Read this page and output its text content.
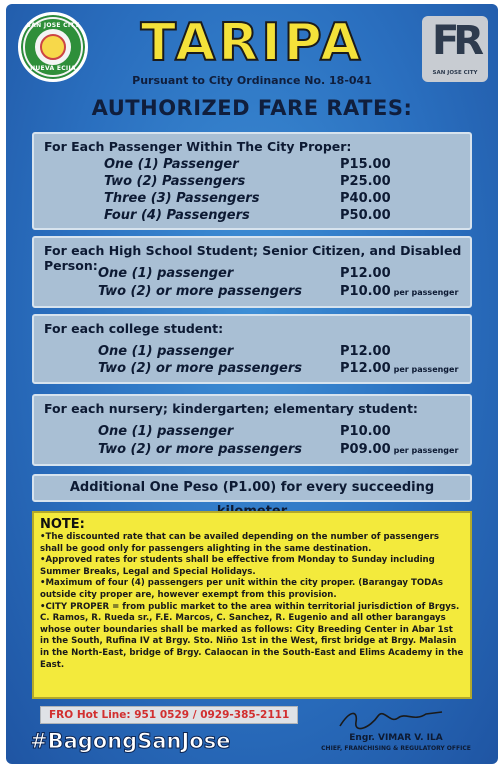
SAN JOSE CITY
NUEVA ECIJA	TARIPA
Pursuant to City Ordinance No. 18-041
FR
SAN JOSE CITY
AUTHORIZED FARE RATES:
For Each Passenger Within The City Proper:
One (1) Passenger	P15.00
Two (2) Passengers	P25.00
Three (3) Passengers	P40.00
Four (4) Passengers	P50.00
For each High School Student; Senior Citizen, and Disabled Person:
One (1) passenger	P12.00
Two (2) or more passengers	P10.00 per passenger
For each college student:
One (1) passenger	P12.00
Two (2) or more passengers	P12.00 per passenger
For each nursery; kindergarten; elementary student:
One (1) passenger	P10.00
Two (2) or more passengers	P09.00 per passenger
Additional One Peso (P1.00) for every succeeding
NOTE:

•The discounted rate that can be availed depending on the number of passengers shall be good only for passengers alighting in the same destination.

•Approved rates for students shall be effective from Monday to Sunday including Summer Breaks, Legal and Special Holidays.

•Maximum of four (4) passengers per unit within the city proper. (Barangay TODAs outside city proper are, however exempt from this provision.

•CITY PROPER = from public market to the area within territorial jurisdiction of Brgys. C. Ramos, R. Rueda sr., F.E. Marcos, C. Sanchez, R. Eugenio and all other barangays whose outer boundaries shall be marked as follows: City Breeding Center in Abar 1st in the South, Rufina IV at Brgy. Sto. Niño 1st in the West, first bridge at Brgy. Malasin in the North-East, bridge of Brgy. Calaocan in the South-East and Elims Academy in the East.

FRO Hot Line: 951 0529 / 0929-385-2111
#BagongSanJose	Engr. VIMAR V. ILA
CHIEF, FRANCHISING & REGULATORY OFFICE
